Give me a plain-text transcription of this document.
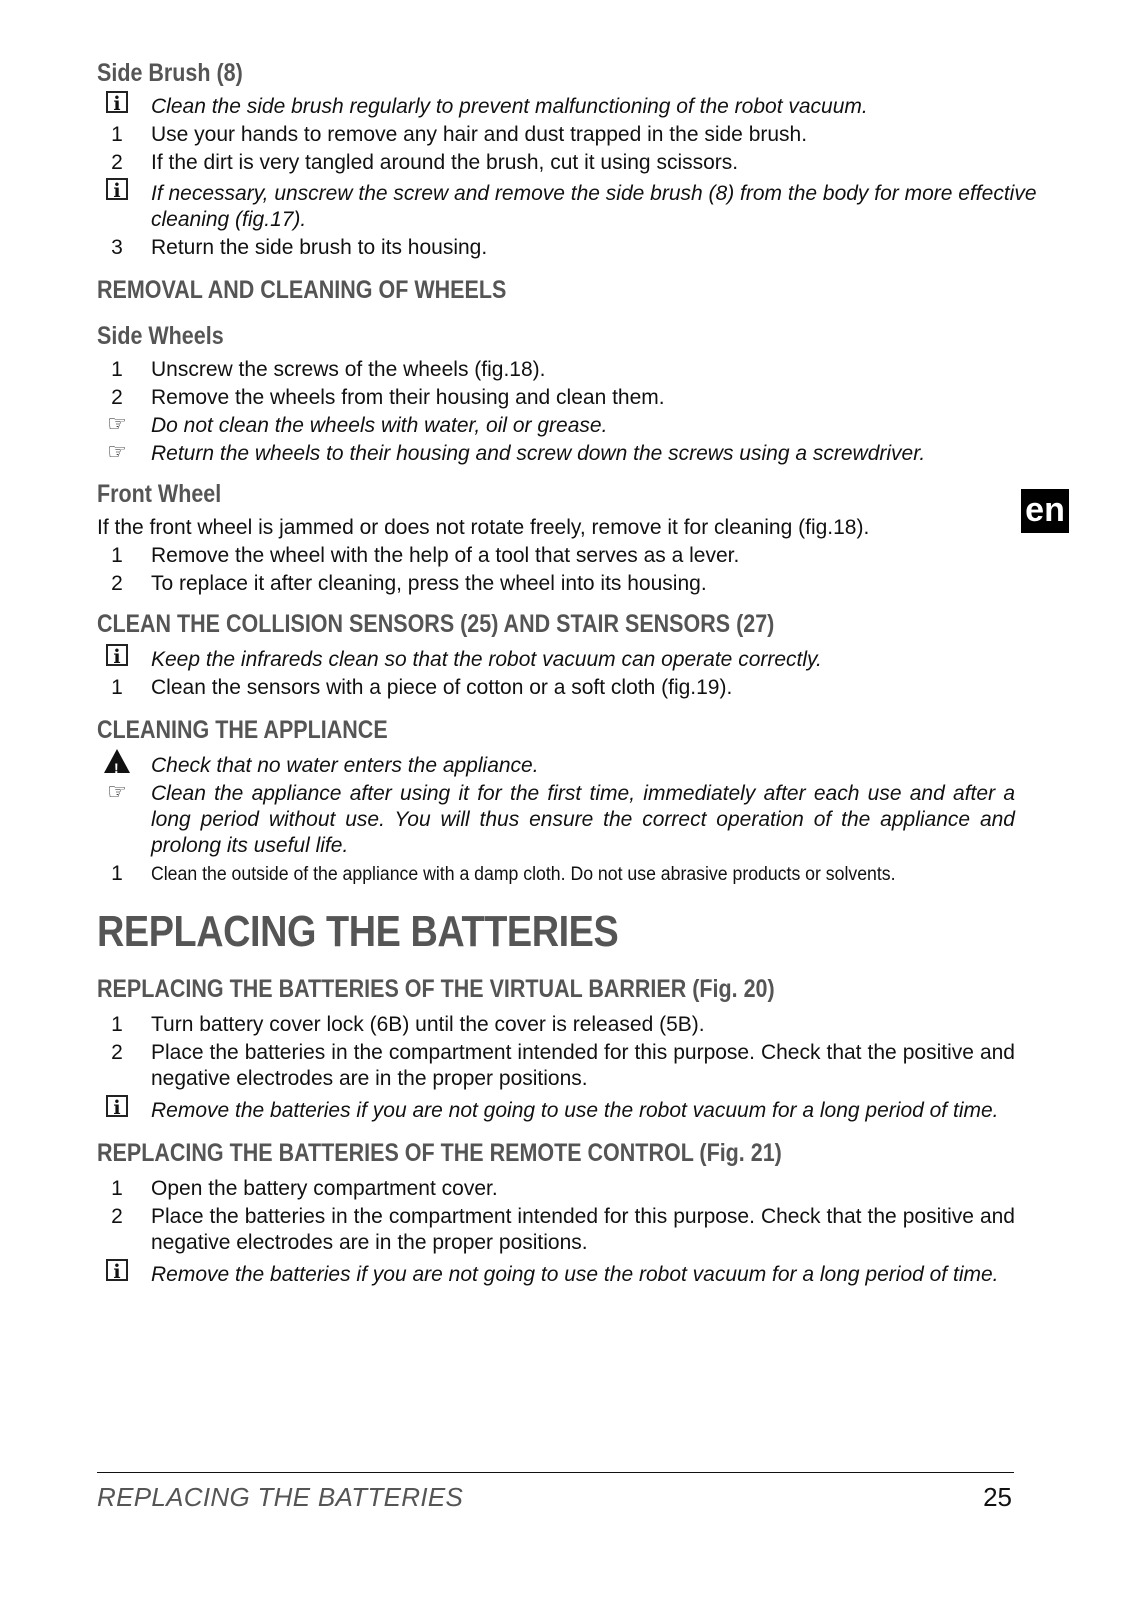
Side Brush (8)
i
Clean the side brush regularly to prevent malfunctioning of the robot vacuum.
1	Use your hands to remove any hair and dust trapped in the side brush.
2	If the dirt is very tangled around the brush, cut it using scissors.
i
If necessary, unscrew the screw and remove the side brush (8) from the body for more effective cleaning (fig.17).
3	Return the side brush to its housing.
REMOVAL AND CLEANING OF WHEELS
Side Wheels
1	Unscrew the screws of the wheels (fig.18).
2	Remove the wheels from their housing and clean them.
☞	Do not clean the wheels with water, oil or grease.
☞	Return the wheels to their housing and screw down the screws using a screwdriver.
Front Wheel
If the front wheel is jammed or does not rotate freely, remove it for cleaning (fig.18).
1	Remove the wheel with the help of a tool that serves as a lever.
2	To replace it after cleaning, press the wheel into its housing.
CLEAN THE COLLISION SENSORS (25) AND STAIR SENSORS (27)
i
Keep the infrareds clean so that the robot vacuum can operate correctly.
1	Clean the sensors with a piece of cotton or a soft cloth (fig.19).
CLEANING THE APPLIANCE
!
Check that no water enters the appliance.
☞	Clean the appliance after using it for the first time, immediately after each use and after a long period without use. You will thus ensure the correct operation of the appliance and prolong its useful life.
1	Clean the outside of the appliance with a damp cloth. Do not use abrasive products or solvents.
REPLACING THE BATTERIES
REPLACING THE BATTERIES OF THE VIRTUAL BARRIER (Fig. 20)
1	Turn battery cover lock (6B) until the cover is released (5B).
2	Place the batteries in the compartment intended for this purpose. Check that the positive and negative electrodes are in the proper positions.
i
Remove the batteries if you are not going to use the robot vacuum for a long period of time.
REPLACING THE BATTERIES OF THE REMOTE CONTROL (Fig. 21)
1	Open the battery compartment cover.
2	Place the batteries in the compartment intended for this purpose. Check that the positive and negative electrodes are in the proper positions.
i
Remove the batteries if you are not going to use the robot vacuum for a long period of time.
en
REPLACING THE BATTERIES	25
